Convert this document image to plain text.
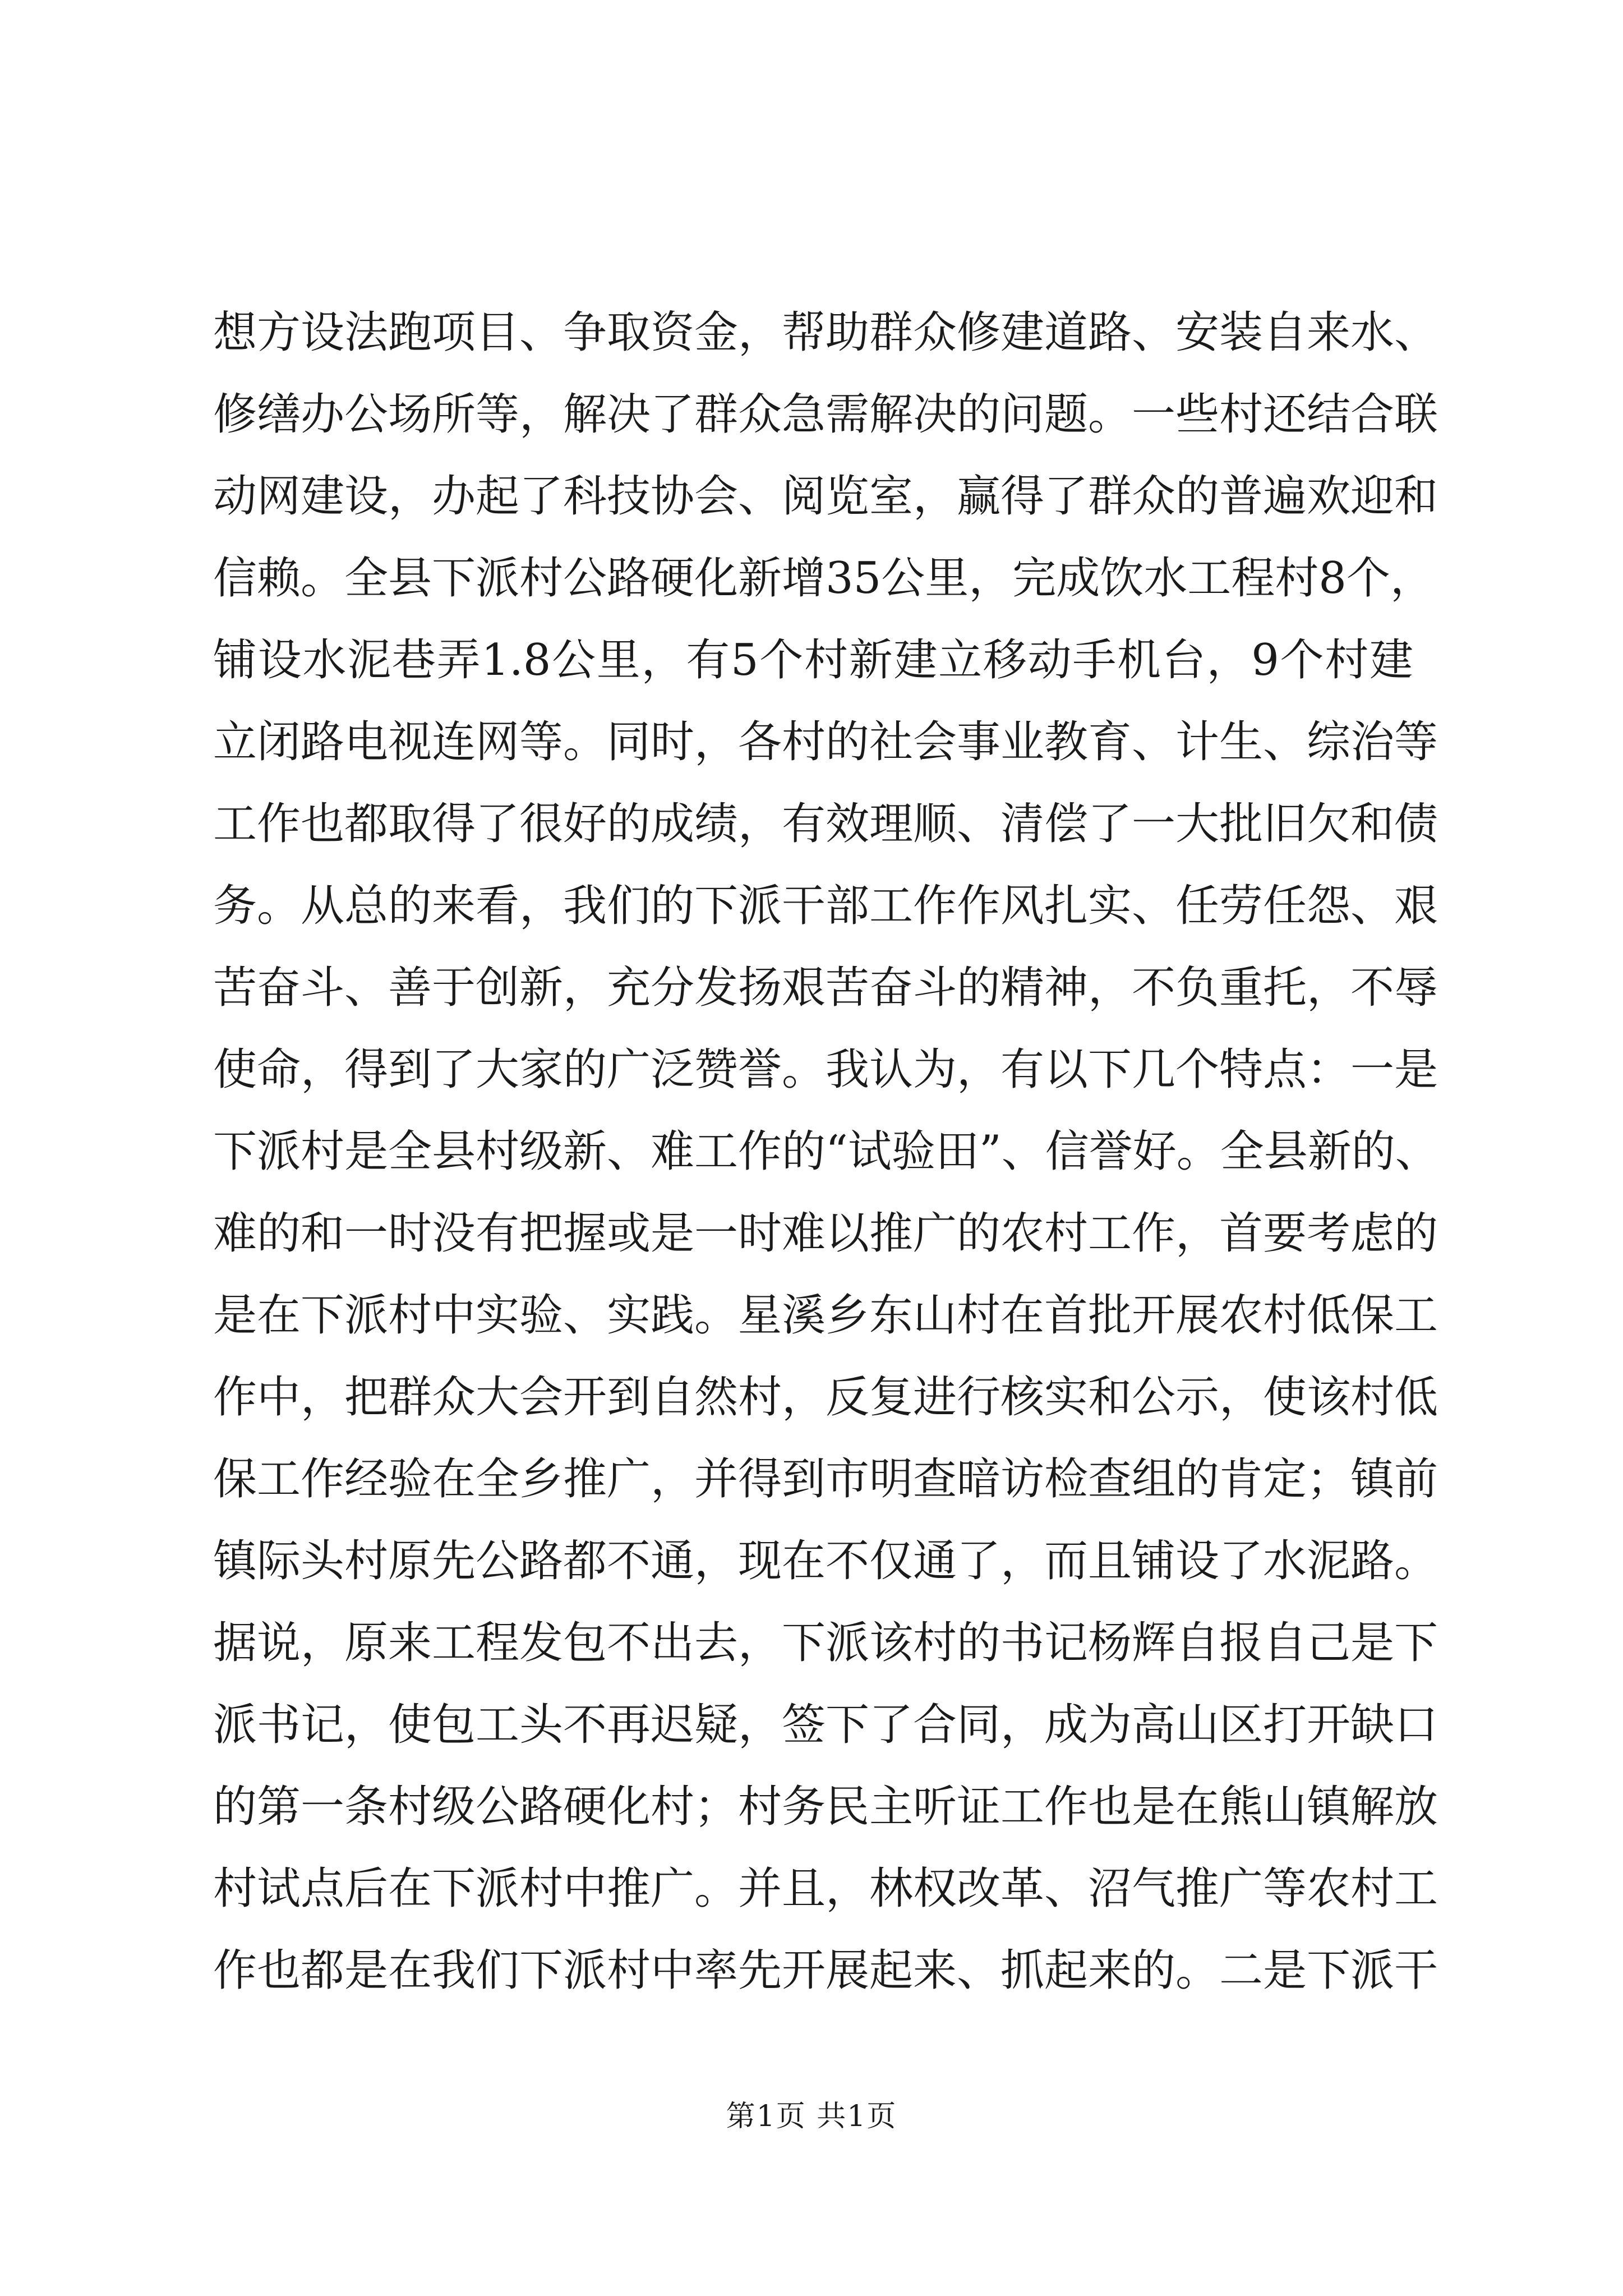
想方设法跑项目、争取资金，帮助群众修建道路、安装自来水、
修缮办公场所等，解决了群众急需解决的问题。一些村还结合联
动网建设，办起了科技协会、阅览室，赢得了群众的普遍欢迎和
信赖。全县下派村公路硬化新增35公里，完成饮水工程村8个，
铺设水泥巷弄1.8公里，有5个村新建立移动手机台，9个村建
立闭路电视连网等。同时，各村的社会事业教育、计生、综治等
工作也都取得了很好的成绩，有效理顺、清偿了一大批旧欠和债
务。从总的来看，我们的下派干部工作作风扎实、任劳任怨、艰
苦奋斗、善于创新，充分发扬艰苦奋斗的精神，不负重托，不辱
使命，得到了大家的广泛赞誉。我认为，有以下几个特点：一是
下派村是全县村级新、难工作的“试验田”、信誉好。全县新的、
难的和一时没有把握或是一时难以推广的农村工作，首要考虑的
是在下派村中实验、实践。星溪乡东山村在首批开展农村低保工
作中，把群众大会开到自然村，反复进行核实和公示，使该村低
保工作经验在全乡推广，并得到市明查暗访检查组的肯定；镇前
镇际头村原先公路都不通，现在不仅通了，而且铺设了水泥路。
据说，原来工程发包不出去，下派该村的书记杨辉自报自己是下
派书记，使包工头不再迟疑，签下了合同，成为高山区打开缺口
的第一条村级公路硬化村；村务民主听证工作也是在熊山镇解放
村试点后在下派村中推广。并且，林权改革、沼气推广等农村工
作也都是在我们下派村中率先开展起来、抓起来的。二是下派干
第1页 共1页
